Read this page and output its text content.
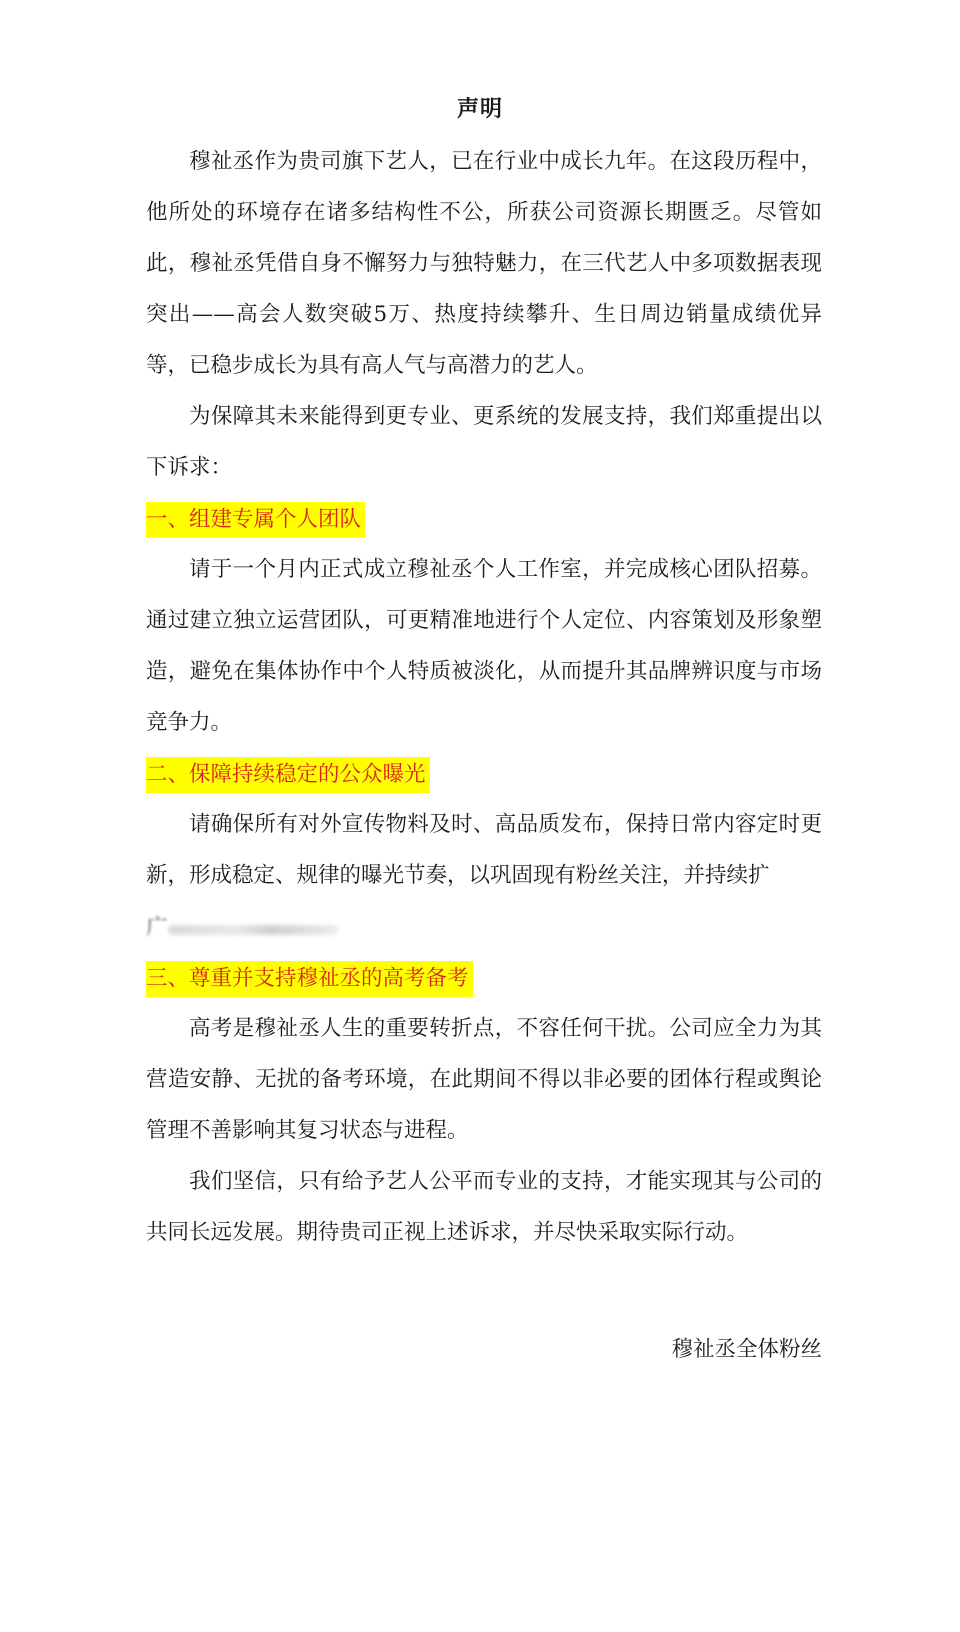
声明

穆祉丞作为贵司旗下艺人，已在行业中成长九年。在这段历程中，他所处的环境存在诸多结构性不公，所获公司资源长期匮乏。尽管如此，穆祉丞凭借自身不懈努力与独特魅力，在三代艺人中多项数据表现突出——高会人数突破5万、热度持续攀升、生日周边销量成绩优异等，已稳步成长为具有高人气与高潜力的艺人。

为保障其未来能得到更专业、更系统的发展支持，我们郑重提出以下诉求：

一、组建专属个人团队

请于一个月内正式成立穆祉丞个人工作室，并完成核心团队招募。通过建立独立运营团队，可更精准地进行个人定位、内容策划及形象塑造，避免在集体协作中个人特质被淡化，从而提升其品牌辨识度与市场竞争力。

二、保障持续稳定的公众曝光

请确保所有对外宣传物料及时、高品质发布，保持日常内容定时更新，形成稳定、规律的曝光节奏，以巩固现有粉丝关注，并持续扩

广
三、尊重并支持穆祉丞的高考备考

高考是穆祉丞人生的重要转折点，不容任何干扰。公司应全力为其营造安静、无扰的备考环境，在此期间不得以非必要的团体行程或舆论管理不善影响其复习状态与进程。

我们坚信，只有给予艺人公平而专业的支持，才能实现其与公司的共同长远发展。期待贵司正视上述诉求，并尽快采取实际行动。

穆祉丞全体粉丝
